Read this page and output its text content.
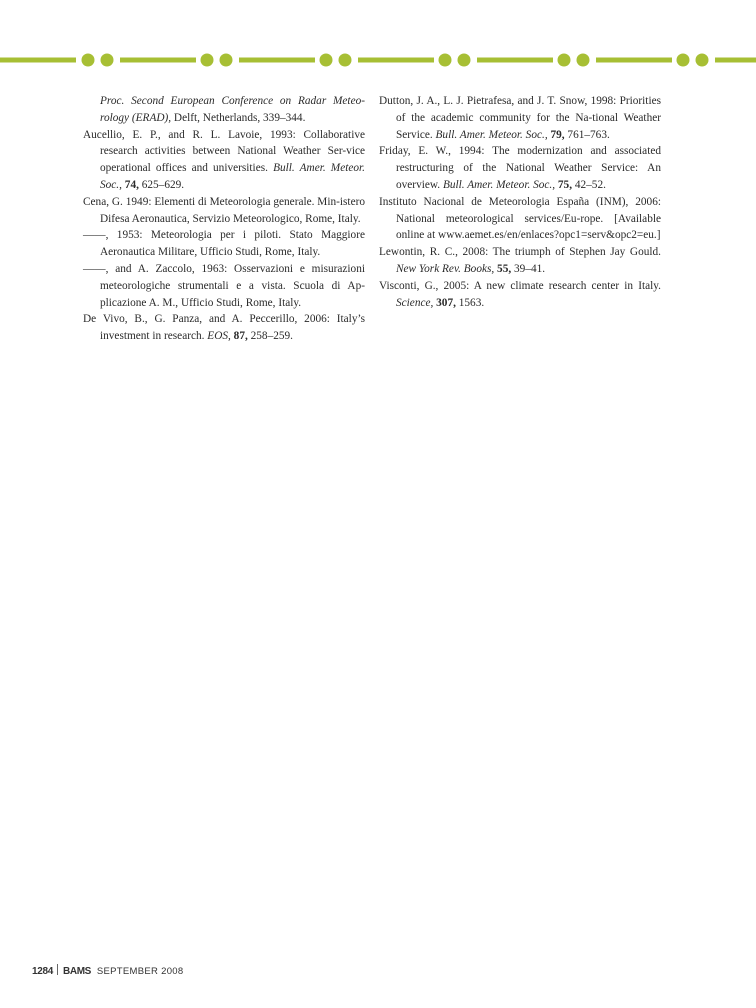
Proc. Second European Conference on Radar Meteo-rology (ERAD), Delft, Netherlands, 339–344.

Aucellio, E. P., and R. L. Lavoie, 1993: Collaborative research activities between National Weather Ser-vice operational offices and universities. Bull. Amer. Meteor. Soc., 74, 625–629.

Cena, G. 1949: Elementi di Meteorologia generale. Min-istero Difesa Aeronautica, Servizio Meteorologico, Rome, Italy.

——, 1953: Meteorologia per i piloti. Stato Maggiore Aeronautica Militare, Ufficio Studi, Rome, Italy.

——, and A. Zaccolo, 1963: Osservazioni e misurazioni meteorologiche strumentali e a vista. Scuola di Ap-plicazione A. M., Ufficio Studi, Rome, Italy.

De Vivo, B., G. Panza, and A. Peccerillo, 2006: Italy’s investment in research. EOS, 87, 258–259.

Dutton, J. A., L. J. Pietrafesa, and J. T. Snow, 1998: Priorities of the academic community for the Na-tional Weather Service. Bull. Amer. Meteor. Soc., 79, 761–763.

Friday, E. W., 1994: The modernization and associated restructuring of the National Weather Service: An overview. Bull. Amer. Meteor. Soc., 75, 42–52.

Instituto Nacional de Meteorologia España (INM), 2006: National meteorological services/Eu-rope. [Available online at www.aemet.es/en/enlaces?opc1=serv&opc2=eu.]

Lewontin, R. C., 2008: The triumph of Stephen Jay Gould. New York Rev. Books, 55, 39–41.

Visconti, G., 2005: A new climate research center in Italy. Science, 307, 1563.

1284 BAMS SEPTEMBER 2008
